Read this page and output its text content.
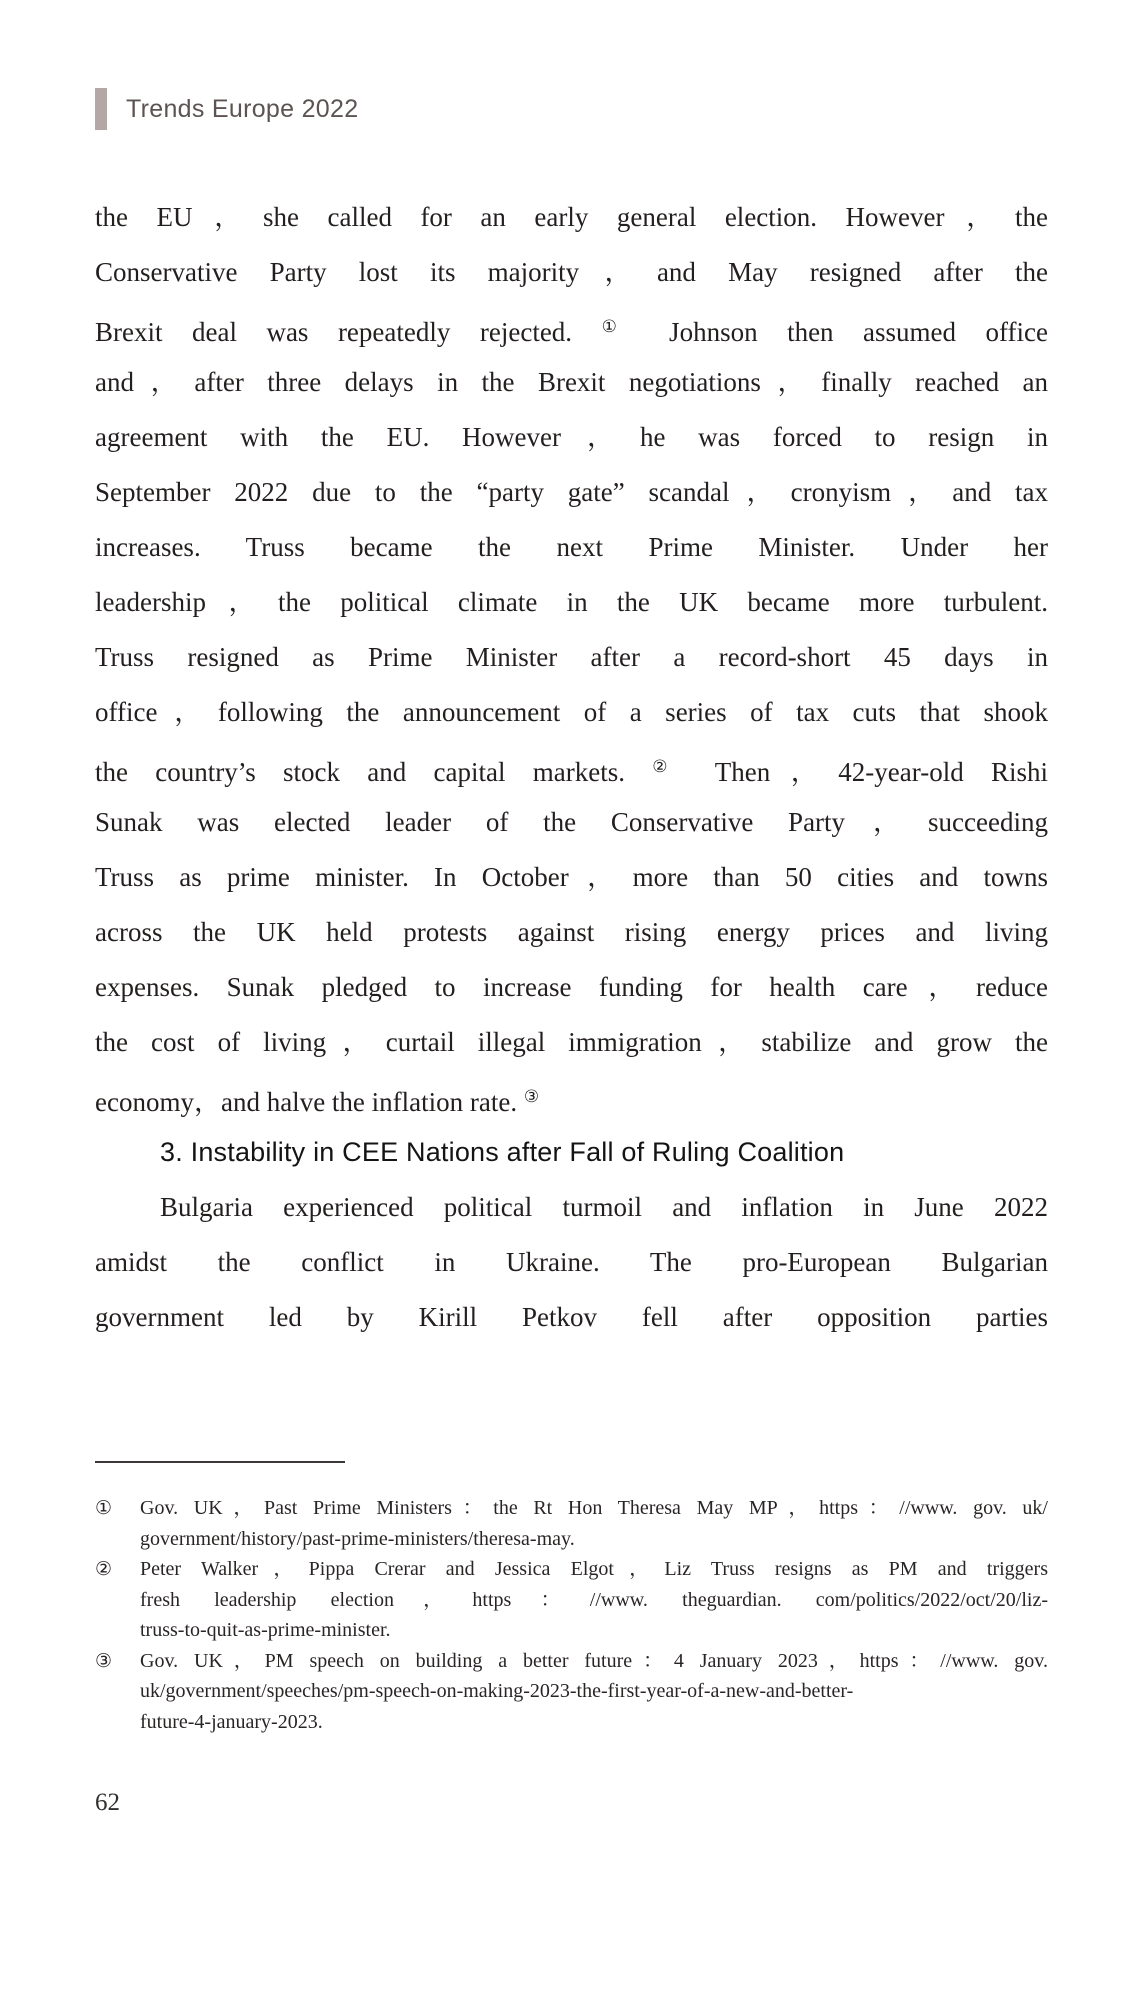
Trends Europe 2022
the EU，she called for an early general election. However，the
Conservative Party lost its majority，and May resigned after the
Brexit deal was repeatedly rejected. ① Johnson then assumed office
and，after three delays in the Brexit negotiations，finally reached an
agreement with the EU. However，he was forced to resign in
September 2022 due to the “party gate” scandal，cronyism，and tax
increases. Truss became the next Prime Minister. Under her
leadership，the political climate in the UK became more turbulent.
Truss resigned as Prime Minister after a record-short 45 days in
office，following the announcement of a series of tax cuts that shook
the country’s stock and capital markets. ② Then，42-year-old Rishi
Sunak was elected leader of the Conservative Party，succeeding
Truss as prime minister. In October，more than 50 cities and towns
across the UK held protests against rising energy prices and living
expenses. Sunak pledged to increase funding for health care，reduce
the cost of living，curtail illegal immigration，stabilize and grow the
economy，and halve the inflation rate. ③
3. Instability in CEE Nations after Fall of Ruling Coalition
Bulgaria experienced political turmoil and inflation in June 2022
amidst the conflict in Ukraine. The pro-European Bulgarian
government led by Kirill Petkov fell after opposition parties
①	Gov. UK，Past Prime Ministers：the Rt Hon Theresa May MP，https：//www. gov. uk/
government/history/past-prime-ministers/theresa-may.
②	Peter Walker，Pippa Crerar and Jessica Elgot，Liz Truss resigns as PM and triggers
fresh leadership election，https：//www. theguardian. com/politics/2022/oct/20/liz-
truss-to-quit-as-prime-minister.
③	Gov. UK，PM speech on building a better future：4 January 2023，https：//www. gov.
uk/government/speeches/pm-speech-on-making-2023-the-first-year-of-a-new-and-better-
future-4-january-2023.
62
